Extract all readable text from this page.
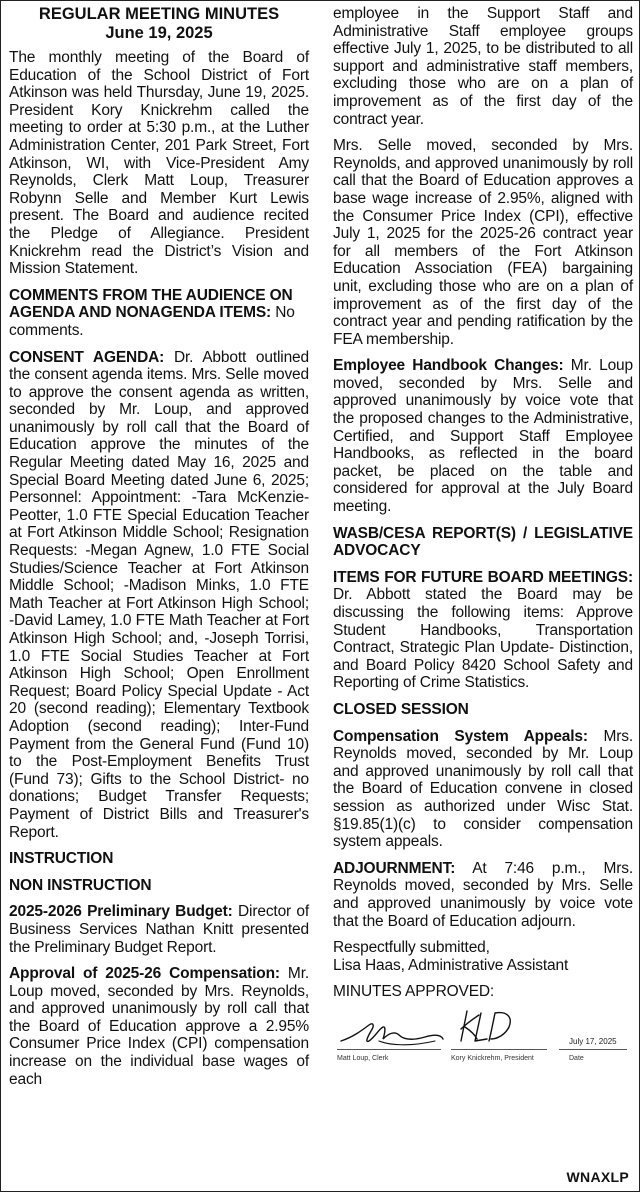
REGULAR MEETING MINUTES
June 19, 2025

The monthly meeting of the Board of Education of the School District of Fort Atkinson was held Thursday, June 19, 2025. President Kory Knickrehm called the meeting to order at 5:30 p.m., at the Luther Administration Center, 201 Park Street, Fort Atkinson, WI, with Vice-President Amy Reynolds, Clerk Matt Loup, Treasurer Robynn Selle and Member Kurt Lewis present. The Board and audience recited the Pledge of Allegiance. President Knickrehm read the District’s Vision and Mission Statement.

COMMENTS FROM THE AUDIENCE ON AGENDA AND NONAGENDA ITEMS: No comments.

CONSENT AGENDA: Dr. Abbott outlined the consent agenda items. Mrs. Selle moved to approve the consent agenda as written, seconded by Mr. Loup, and approved unanimously by roll call that the Board of Education approve the minutes of the Regular Meeting dated May 16, 2025 and Special Board Meeting dated June 6, 2025; Personnel: Appointment: -Tara McKenzie-Peotter, 1.0 FTE Special Education Teacher at Fort Atkinson Middle School; Resignation Requests: -Megan Agnew, 1.0 FTE Social Studies/Science Teacher at Fort Atkinson Middle School; -Madison Minks, 1.0 FTE Math Teacher at Fort Atkinson High School; -David Lamey, 1.0 FTE Math Teacher at Fort Atkinson High School; and, -Joseph Torrisi, 1.0 FTE Social Studies Teacher at Fort Atkinson High School; Open Enrollment Request; Board Policy Special Update - Act 20 (second reading); Elementary Textbook Adoption (second reading); Inter-Fund Payment from the General Fund (Fund 10) to the Post-Employment Benefits Trust (Fund 73); Gifts to the School District- no donations; Budget Transfer Requests; Payment of District Bills and Treasurer's Report.

INSTRUCTION

NON INSTRUCTION

2025-2026 Preliminary Budget: Director of Business Services Nathan Knitt presented the Preliminary Budget Report.

Approval of 2025-26 Compensation: Mr. Loup moved, seconded by Mrs. Reynolds, and approved unanimously by roll call that the Board of Education approve a 2.95% Consumer Price Index (CPI) compensation increase on the individual base wages of each

employee in the Support Staff and Administrative Staff employee groups effective July 1, 2025, to be distributed to all support and administrative staff members, excluding those who are on a plan of improvement as of the first day of the contract year.

Mrs. Selle moved, seconded by Mrs. Reynolds, and approved unanimously by roll call that the Board of Education approves a base wage increase of 2.95%, aligned with the Consumer Price Index (CPI), effective July 1, 2025 for the 2025-26 contract year for all members of the Fort Atkinson Education Association (FEA) bargaining unit, excluding those who are on a plan of improvement as of the first day of the contract year and pending ratification by the FEA membership.

Employee Handbook Changes: Mr. Loup moved, seconded by Mrs. Selle and approved unanimously by voice vote that the proposed changes to the Administrative, Certified, and Support Staff Employee Handbooks, as reflected in the board packet, be placed on the table and considered for approval at the July Board meeting.

WASB/CESA REPORT(S) / LEGISLATIVE ADVOCACY

ITEMS FOR FUTURE BOARD MEETINGS: Dr. Abbott stated the Board may be discussing the following items: Approve Student Handbooks, Transportation Contract, Strategic Plan Update- Distinction, and Board Policy 8420 School Safety and Reporting of Crime Statistics.

CLOSED SESSION

Compensation System Appeals: Mrs. Reynolds moved, seconded by Mr. Loup and approved unanimously by roll call that the Board of Education convene in closed session as authorized under Wisc Stat. §19.85(1)(c) to consider compensation system appeals.

ADJOURNMENT: At 7:46 p.m., Mrs. Reynolds moved, seconded by Mrs. Selle and approved unanimously by voice vote that the Board of Education adjourn.

Respectfully submitted,

Lisa Haas, Administrative Assistant

MINUTES APPROVED:

Matt Loup, Clerk	Kory Knickrehm, President
July 17, 2025
Date
WNAXLP
